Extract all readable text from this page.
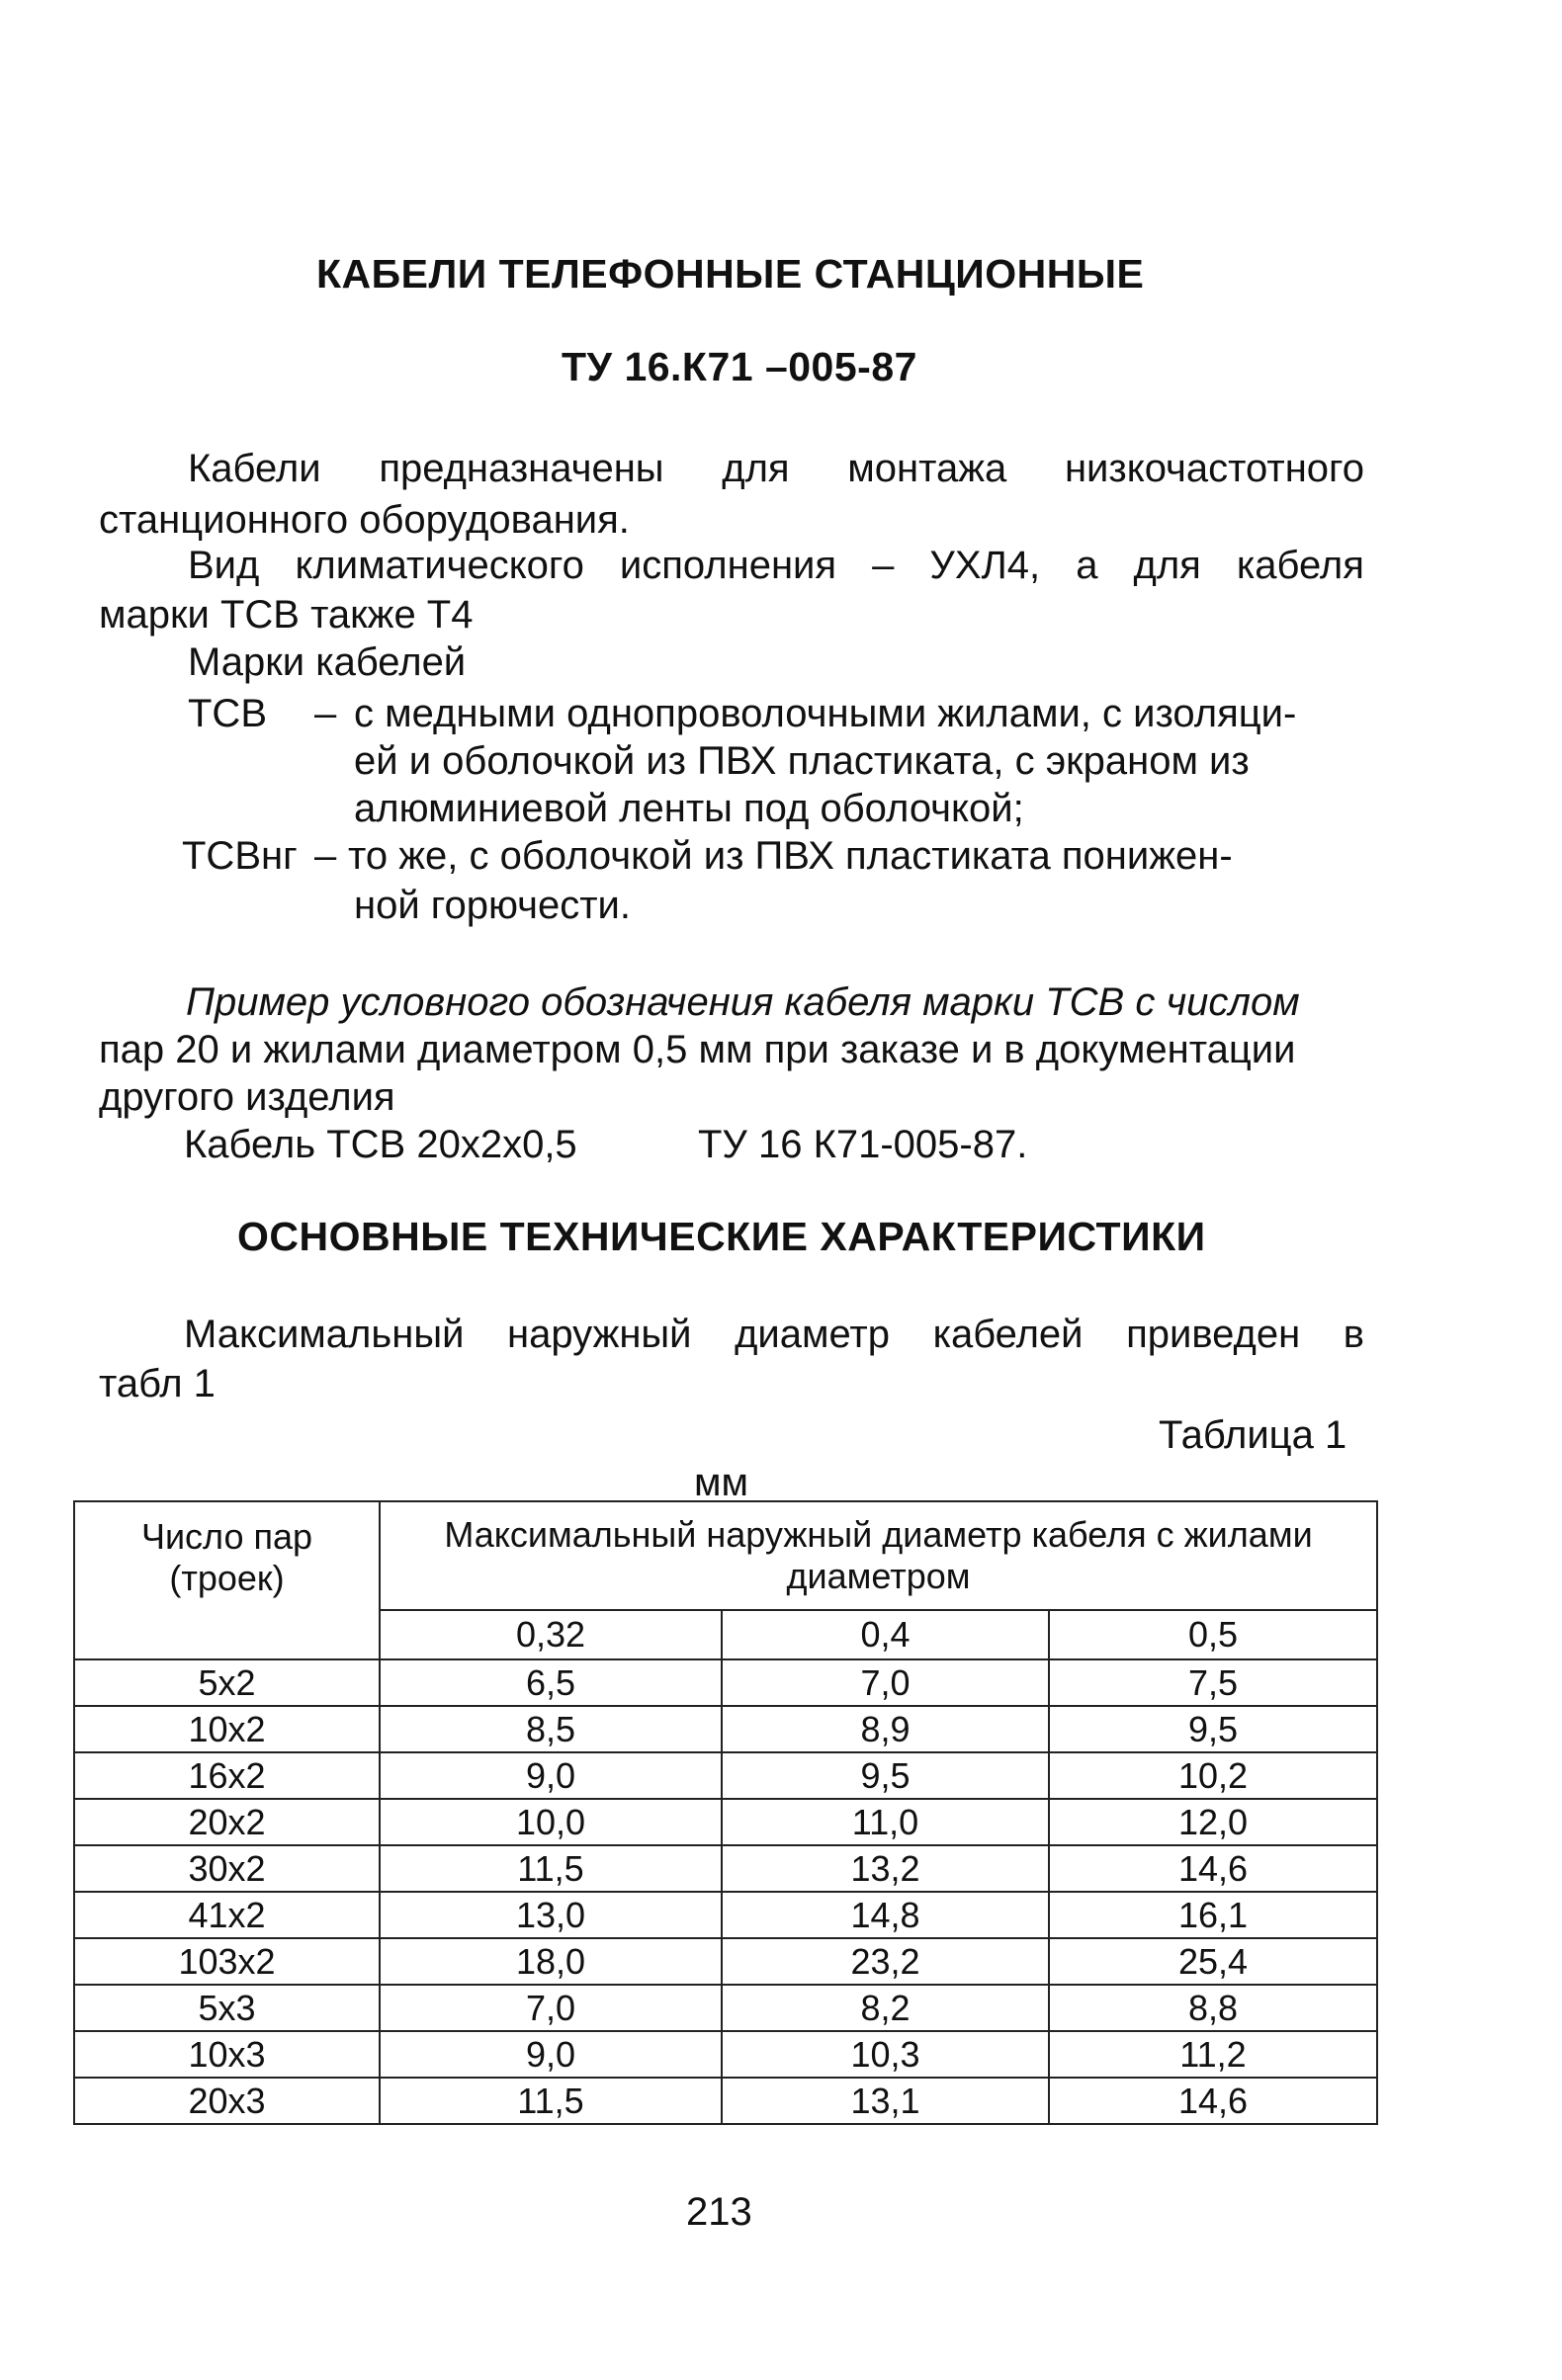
КАБЕЛИ ТЕЛЕФОННЫЕ СТАНЦИОННЫЕ
ТУ 16.К71 –005-87
Кабели предназначены для монтажа низкочастотного
станционного оборудования.
Вид климатического исполнения – УХЛ4, а для кабеля
марки ТСВ также Т4
Марки кабелей
ТСВ – с медными однопроволочными жилами, с изоляци-
ей и оболочкой из ПВХ пластиката, с экраном из
алюминиевой ленты под оболочкой;
ТСВнг – то же, с оболочкой из ПВХ пластиката понижен-
ной горючести.
Пример условного обозначения кабеля марки ТСВ с числом
пар 20 и жилами диаметром 0,5 мм при заказе и в документации
другого изделия
Кабель ТСВ 20х2х0,5	ТУ 16 К71-005-87.
ОСНОВНЫЕ ТЕХНИЧЕСКИЕ ХАРАКТЕРИСТИКИ
Максимальный наружный диаметр кабелей приведен в
табл 1
Таблица 1
мм
Число пар (троек)	Максимальный наружный диаметр кабеля с жилами диаметром		
	0,32	0,4	0,5
5х2	6,5	7,0	7,5
10х2	8,5	8,9	9,5
16х2	9,0	9,5	10,2
20х2	10,0	11,0	12,0
30х2	11,5	13,2	14,6
41х2	13,0	14,8	16,1
103х2	18,0	23,2	25,4
5х3	7,0	8,2	8,8
10х3	9,0	10,3	11,2
20х3	11,5	13,1	14,6
213
